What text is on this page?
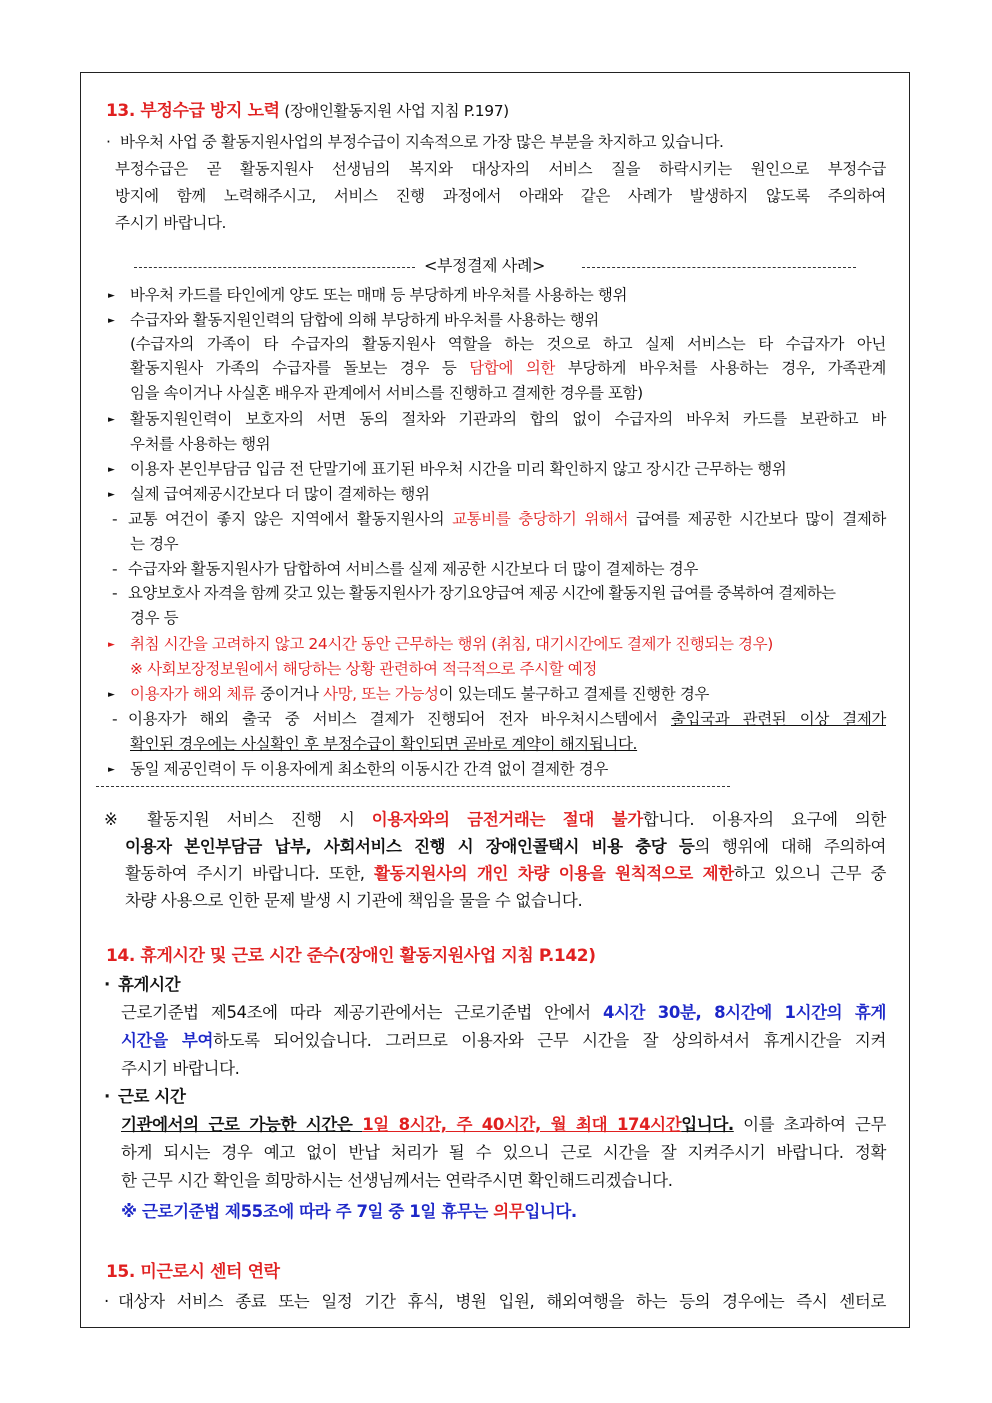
13. 부정수급 방지 노력 (장애인활동지원 사업 지침 P.197)
· 바우처 사업 중 활동지원사업의 부정수급이 지속적으로 가장 많은 부분을 차지하고 있습니다.
부정수급은 곧 활동지원사 선생님의 복지와 대상자의 서비스 질을 하락시키는 원인으로 부정수급
방지에 함께 노력해주시고, 서비스 진행 과정에서 아래와 같은 사례가 발생하지 않도록 주의하여
주시기 바랍니다.
<부정결제 사례>
► 바우처 카드를 타인에게 양도 또는 매매 등 부당하게 바우처를 사용하는 행위
► 수급자와 활동지원인력의 담합에 의해 부당하게 바우처를 사용하는 행위
(수급자의 가족이 타 수급자의 활동지원사 역할을 하는 것으로 하고 실제 서비스는 타 수급자가 아닌
활동지원사 가족의 수급자를 돌보는 경우 등 담합에 의한 부당하게 바우처를 사용하는 경우, 가족관계
임을 속이거나 사실혼 배우자 관계에서 서비스를 진행하고 결제한 경우를 포함)
► 활동지원인력이 보호자의 서면 동의 절차와 기관과의 합의 없이 수급자의 바우처 카드를 보관하고 바
우처를 사용하는 행위
► 이용자 본인부담금 입금 전 단말기에 표기된 바우처 시간을 미리 확인하지 않고 장시간 근무하는 행위
► 실제 급여제공시간보다 더 많이 결제하는 행위
- 교통 여건이 좋지 않은 지역에서 활동지원사의 교통비를 충당하기 위해서 급여를 제공한 시간보다 많이 결제하
는 경우
- 수급자와 활동지원사가 담합하여 서비스를 실제 제공한 시간보다 더 많이 결제하는 경우
- 요양보호사 자격을 함께 갖고 있는 활동지원사가 장기요양급여 제공 시간에 활동지원 급여를 중복하여 결제하는
경우 등
► 취침 시간을 고려하지 않고 24시간 동안 근무하는 행위 (취침, 대기시간에도 결제가 진행되는 경우)
※ 사회보장정보원에서 해당하는 상황 관련하여 적극적으로 주시할 예정
► 이용자가 해외 체류 중이거나 사망, 또는 가능성이 있는데도 불구하고 결제를 진행한 경우
- 이용자가 해외 출국 중 서비스 결제가 진행되어 전자 바우처시스템에서 출입국과 관련된 이상 결제가
확인된 경우에는 사실확인 후 부정수급이 확인되면 곧바로 계약이 해지됩니다.
► 동일 제공인력이 두 이용자에게 최소한의 이동시간 간격 없이 결제한 경우
※ 활동지원 서비스 진행 시 이용자와의 금전거래는 절대 불가합니다. 이용자의 요구에 의한
이용자 본인부담금 납부, 사회서비스 진행 시 장애인콜택시 비용 충당 등의 행위에 대해 주의하여
활동하여 주시기 바랍니다. 또한, 활동지원사의 개인 차량 이용을 원칙적으로 제한하고 있으니 근무 중
차량 사용으로 인한 문제 발생 시 기관에 책임을 물을 수 없습니다.
14. 휴게시간 및 근로 시간 준수(장애인 활동지원사업 지침 P.142)
· 휴게시간
근로기준법 제54조에 따라 제공기관에서는 근로기준법 안에서 4시간 30분, 8시간에 1시간의 휴게
시간을 부여하도록 되어있습니다. 그러므로 이용자와 근무 시간을 잘 상의하셔서 휴게시간을 지켜
주시기 바랍니다.
· 근로 시간
기관에서의 근로 가능한 시간은 1일 8시간, 주 40시간, 월 최대 174시간입니다. 이를 초과하여 근무
하게 되시는 경우 예고 없이 반납 처리가 될 수 있으니 근로 시간을 잘 지켜주시기 바랍니다. 정확
한 근무 시간 확인을 희망하시는 선생님께서는 연락주시면 확인해드리겠습니다.
※ 근로기준법 제55조에 따라 주 7일 중 1일 휴무는 의무입니다.
15. 미근로시 센터 연락
· 대상자 서비스 종료 또는 일정 기간 휴식, 병원 입원, 해외여행을 하는 등의 경우에는 즉시 센터로
